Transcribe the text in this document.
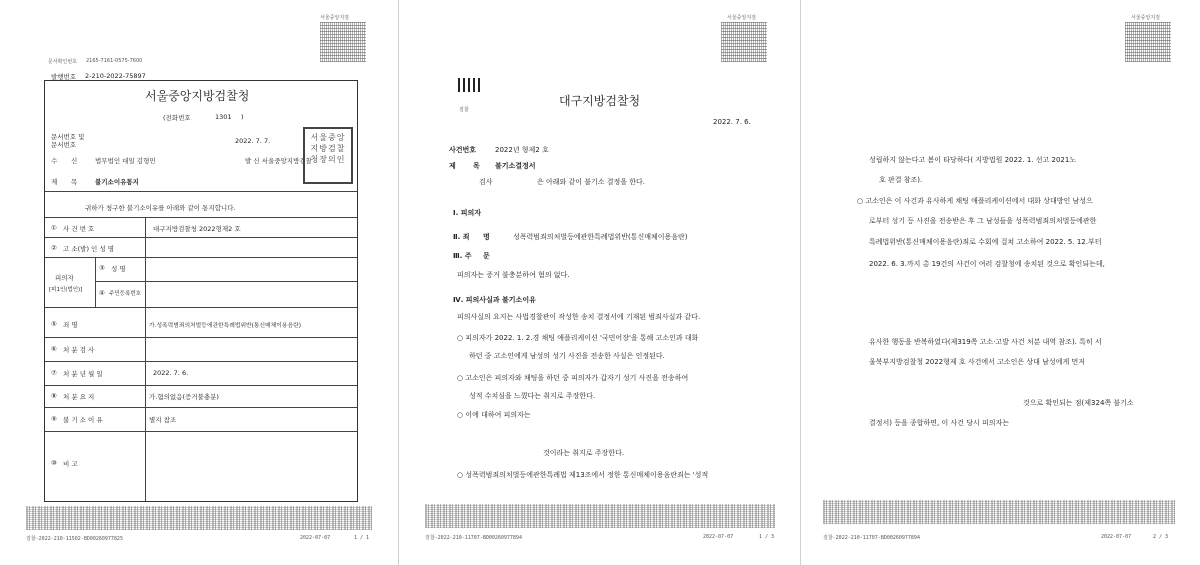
서울중앙지검
문서확인번호 2165-7161-0575-7600
발행번호 2-210-2022-75897
서울중앙지방검찰청
(전화번호	1301 )
문서번호 및 문서번호	2022. 7. 7.
수 신	법무법인 대일 김형민	발 신 서울중앙지방검찰
제 목	불기소이유통지
귀하가 청구한 불기소이유를 아래와 같이 통지합니다.
① 사 건 번 호	대구지방검찰청 2022형제2 호
② 고 소(발) 인 성 명
피의자
[피1인(법인)]
③ 성 명
④ 주민등록번호
⑤ 죄 명	가.성폭력범죄의처벌등에관한특례법위반(통신매체이용음란)
⑥ 처 분 검 사
⑦ 처 분 년 월 일	2022. 7. 6.
⑧ 처 분 요 지	가.혐의없음(증거불충분)
⑨ 불 기 소 이 유	별지 참조
⑩ 비 고
서울중앙 지방검찰 청장의인
검찰-2022-210-11502-BD00260977825	2022-07-07	1 / 1
서울중앙지검
검찰
대구지방검찰청
2022. 7. 6.
사건번호	2022년 형제2 호
제 목 불기소결정서
검사	은 아래와 같이 불기소 결정을 한다.
Ⅰ. 피의자
Ⅱ. 죄 명	성폭력범죄의처벌등에관한특례법위반(통신매체이용음란)
Ⅲ. 주 문
피의자는 증거 불충분하여 혐의 없다.
Ⅳ. 피의사실과 불기소이유
피의사실의 요지는 사법경찰관이 작성한 송치 결정서에 기재된 범죄사실과 같다.
○ 피의자가 2022. 1. 2.경 채팅 애플리케이션 '국민어장'을 통해 고소인과 대화
하던 중 고소인에게 남성의 성기 사진을 전송한 사실은 인정된다.
○ 고소인은 피의자와 채팅을 하던 중 피의자가 갑자기 성기 사진을 전송하여
성적 수치심을 느꼈다는 취지로 주장한다.
○ 이에 대하여 피의자는
것이라는 취지로 주장한다.
○ 성폭력범죄의처벌등에관한특례법 제13조에서 정한 통신매체이용음란죄는 '성적
검찰-2022-210-11707-BD00260977894	2022-07-07	1 / 3
서울중앙지검
성립하지 않는다고 봄이 타당하다( 지방법원 2022. 1. 선고 2021노
호 판결 참조).
○ 고소인은 이 사건과 유사하게 채팅 애플리케이션에서 대화 상대방인 남성으
로부터 성기 등 사진을 전송받은 후 그 남성들을 성폭력범죄의처벌등에관한
특례법위반(통신매체이용음란)죄로 수회에 걸쳐 고소하여 2022. 5. 12.부터
2022. 6. 3.까지 총 19건의 사건이 여러 검찰청에 송치된 것으로 확인되는데,
유사한 행동을 반복하였다(제319쪽 고소·고발 사건 처분 내역 참조). 특히 서
울북부지방검찰청 2022형제 호 사건에서 고소인은 상대 남성에게 먼저
것으로 확인되는 점(제324쪽 불기소
결정서) 등을 종합하면, 이 사건 당시 피의자는
검찰-2022-210-11707-BD00260977894	2022-07-07	2 / 3
